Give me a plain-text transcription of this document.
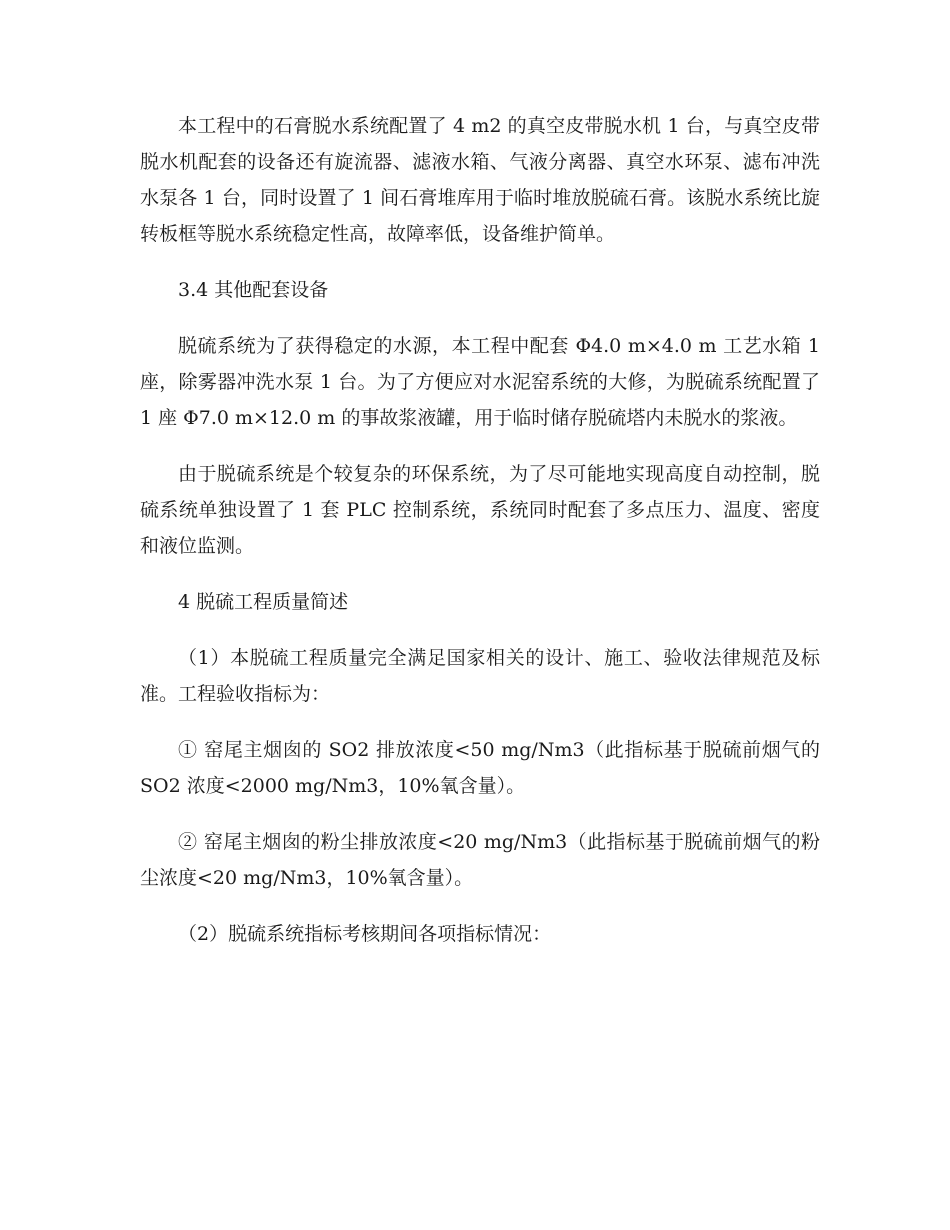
本工程中的石膏脱水系统配置了 4 m2 的真空皮带脱水机 1 台，与真空皮带脱水机配套的设备还有旋流器、滤液水箱、气液分离器、真空水环泵、滤布冲洗水泵各 1 台，同时设置了 1 间石膏堆库用于临时堆放脱硫石膏。该脱水系统比旋转板框等脱水系统稳定性高，故障率低，设备维护简单。

3.4 其他配套设备

脱硫系统为了获得稳定的水源，本工程中配套 Φ4.0 m×4.0 m 工艺水箱 1 座，除雾器冲洗水泵 1 台。为了方便应对水泥窑系统的大修，为脱硫系统配置了 1 座 Φ7.0 m×12.0 m 的事故浆液罐，用于临时储存脱硫塔内未脱水的浆液。

由于脱硫系统是个较复杂的环保系统，为了尽可能地实现高度自动控制，脱硫系统单独设置了 1 套 PLC 控制系统，系统同时配套了多点压力、温度、密度和液位监测。

4 脱硫工程质量简述

（1）本脱硫工程质量完全满足国家相关的设计、施工、验收法律规范及标准。工程验收指标为：

① 窑尾主烟囱的 SO2 排放浓度<50 mg/Nm3（此指标基于脱硫前烟气的 SO2 浓度<2000 mg/Nm3，10%氧含量）。

② 窑尾主烟囱的粉尘排放浓度<20 mg/Nm3（此指标基于脱硫前烟气的粉尘浓度<20 mg/Nm3，10%氧含量）。

（2）脱硫系统指标考核期间各项指标情况：
